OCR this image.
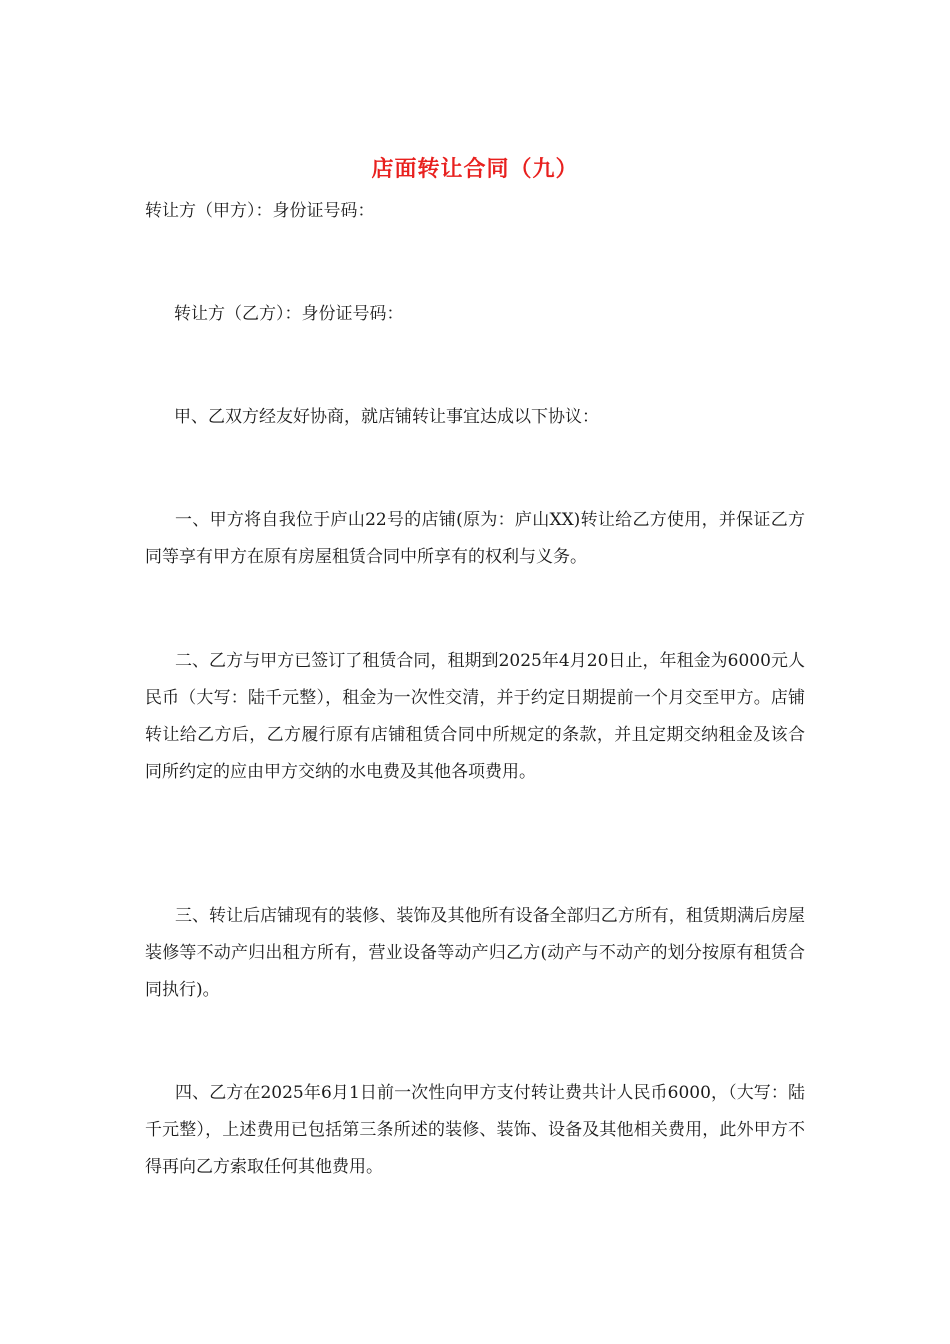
店面转让合同（九）
转让方（甲方）：身份证号码：
转让方（乙方）：身份证号码：
甲、乙双方经友好协商，就店铺转让事宜达成以下协议：
一、甲方将自我位于庐山22号的店铺(原为：庐山XX)转让给乙方使用，并保证乙方同等享有甲方在原有房屋租赁合同中所享有的权利与义务。
二、乙方与甲方已签订了租赁合同，租期到2025年4月20日止，年租金为6000元人民币（大写：陆千元整），租金为一次性交清，并于约定日期提前一个月交至甲方。店铺转让给乙方后，乙方履行原有店铺租赁合同中所规定的条款，并且定期交纳租金及该合同所约定的应由甲方交纳的水电费及其他各项费用。
三、转让后店铺现有的装修、装饰及其他所有设备全部归乙方所有，租赁期满后房屋装修等不动产归出租方所有，营业设备等动产归乙方(动产与不动产的划分按原有租赁合同执行)。
四、乙方在2025年6月1日前一次性向甲方支付转让费共计人民币6000，（大写：陆千元整），上述费用已包括第三条所述的装修、装饰、设备及其他相关费用，此外甲方不得再向乙方索取任何其他费用。
